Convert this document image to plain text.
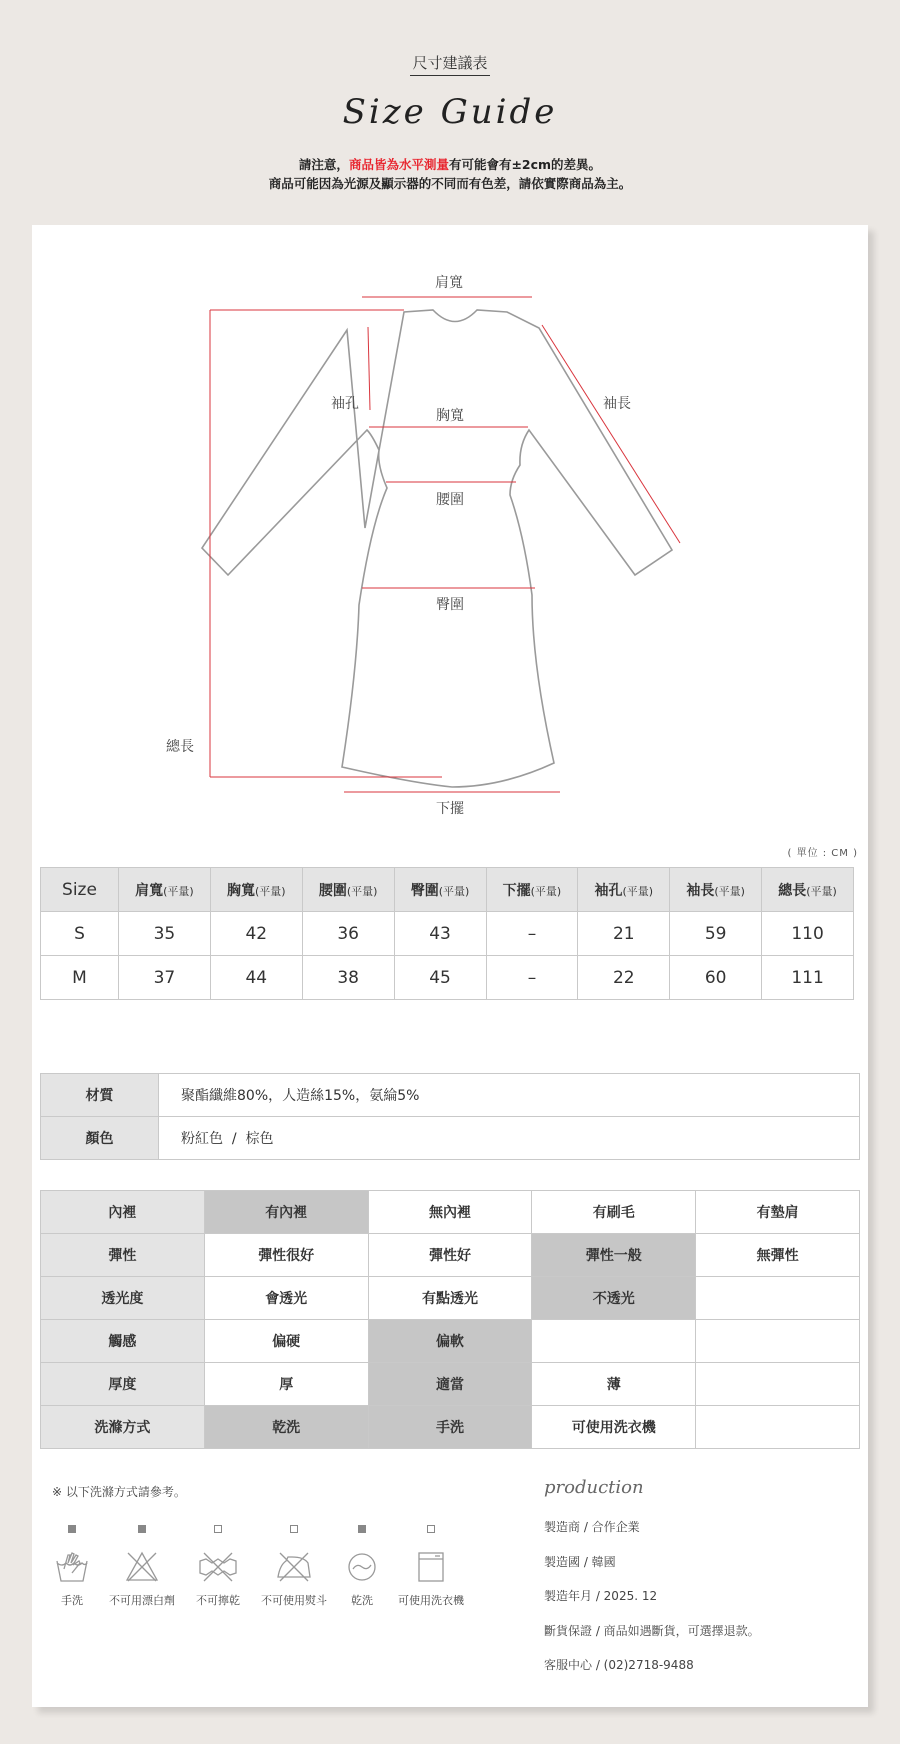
尺寸建議表
Size Guide
請注意，商品皆為水平測量有可能會有±2cm的差異。
商品可能因為光源及顯示器的不同而有色差，請依實際商品為主。
肩寬
袖孔	袖長
胸寬
腰圍
臀圍
總長
下擺
( 單位 : CM )
Size	肩寬(平量)	胸寬(平量)	腰圍(平量)	臀圍(平量)	下擺(平量)	袖孔(平量)	袖長(平量)	總長(平量)
S	35	42	36	43	–	21	59	110
M	37	44	38	45	–	22	60	111
材質	聚酯纖維80%，人造絲15%，氨綸5%
顏色	粉紅色  /  棕色
內裡	有內裡	無內裡	有刷毛	有墊肩
彈性	彈性很好	彈性好	彈性一般	無彈性
透光度	會透光	有點透光	不透光	
觸感	偏硬	偏軟		
厚度	厚	適當	薄	
洗滌方式	乾洗	手洗	可使用洗衣機	
※ 以下洗滌方式請參考。
手洗	不可用漂白劑	不可擰乾	不可使用熨斗	乾洗	可使用洗衣機
production
製造商 / 合作企業
製造國 / 韓國
製造年月 / 2025. 12
斷貨保證 / 商品如遇斷貨，可選擇退款。
客服中心 / (02)2718-9488
